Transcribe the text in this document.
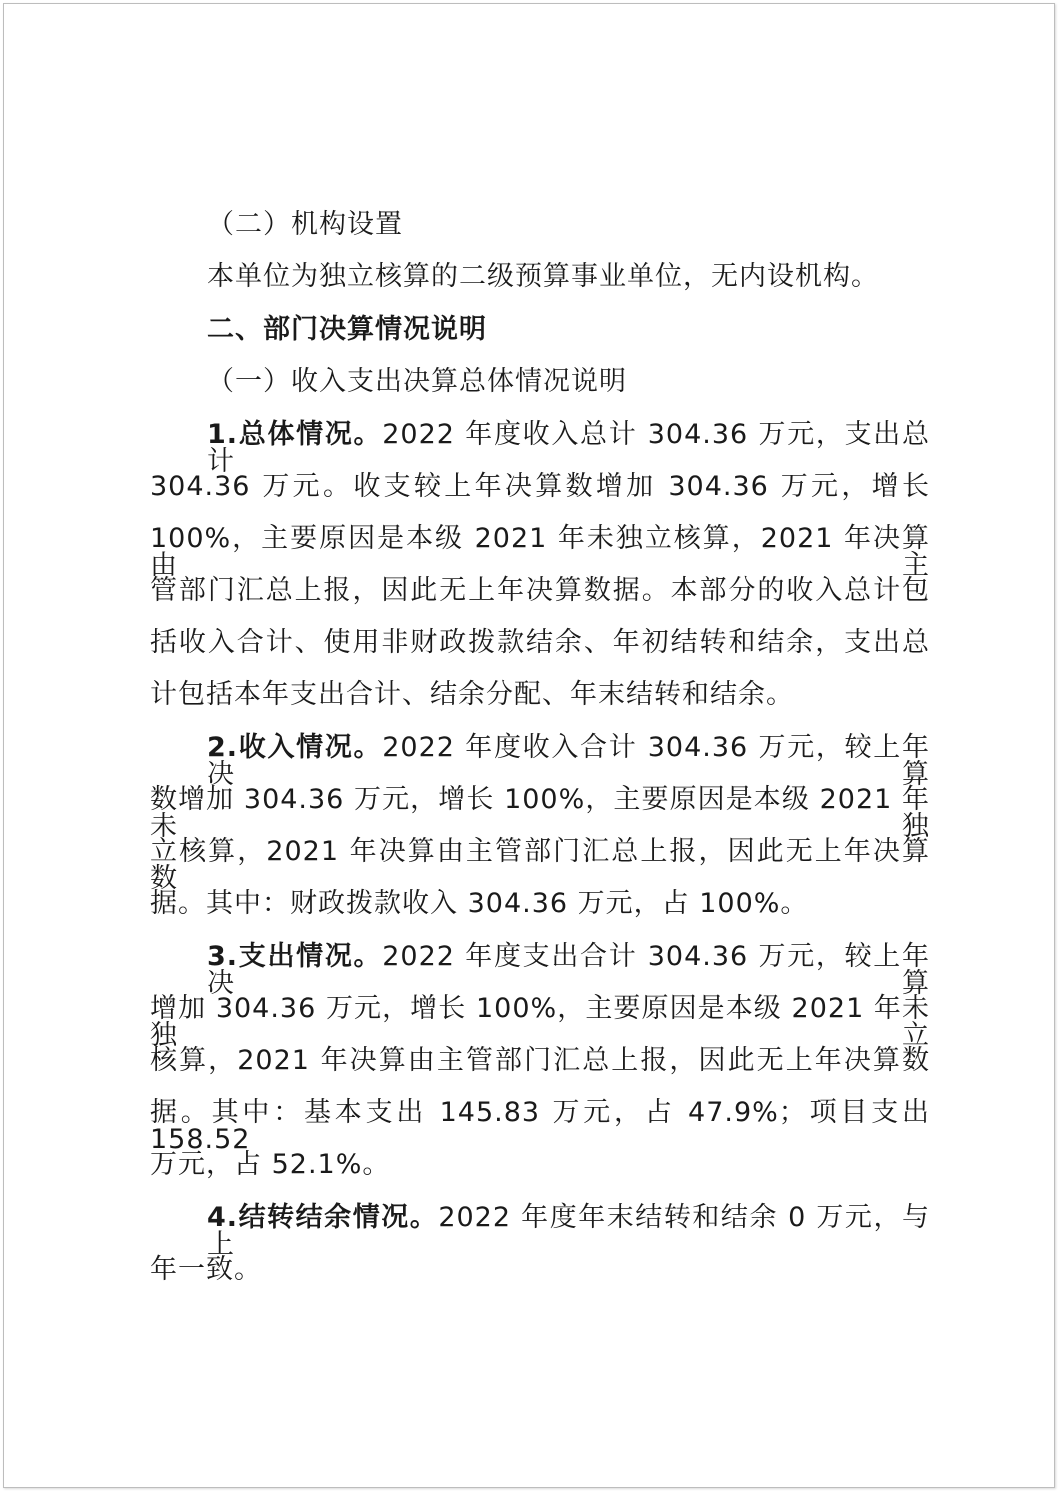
（二）机构设置
本单位为独立核算的二级预算事业单位，无内设机构。
二、部门决算情况说明
（一）收入支出决算总体情况说明
1.总体情况。2022 年度收入总计 304.36 万元，支出总计
304.36 万元。收支较上年决算数增加 304.36 万元，增长
100%，主要原因是本级 2021 年未独立核算，2021 年决算由主
管部门汇总上报，因此无上年决算数据。本部分的收入总计包
括收入合计、使用非财政拨款结余、年初结转和结余，支出总
计包括本年支出合计、结余分配、年末结转和结余。
2.收入情况。2022 年度收入合计 304.36 万元，较上年决算
数增加 304.36 万元，增长 100%，主要原因是本级 2021 年未独
立核算，2021 年决算由主管部门汇总上报，因此无上年决算数
据。其中：财政拨款收入 304.36 万元，占 100%。
3.支出情况。2022 年度支出合计 304.36 万元，较上年决算
增加 304.36 万元，增长 100%，主要原因是本级 2021 年未独立
核算，2021 年决算由主管部门汇总上报，因此无上年决算数
据。其中：基本支出 145.83 万元，占 47.9%；项目支出 158.52
万元，占 52.1%。
4.结转结余情况。2022 年度年末结转和结余 0 万元，与上
年一致。
